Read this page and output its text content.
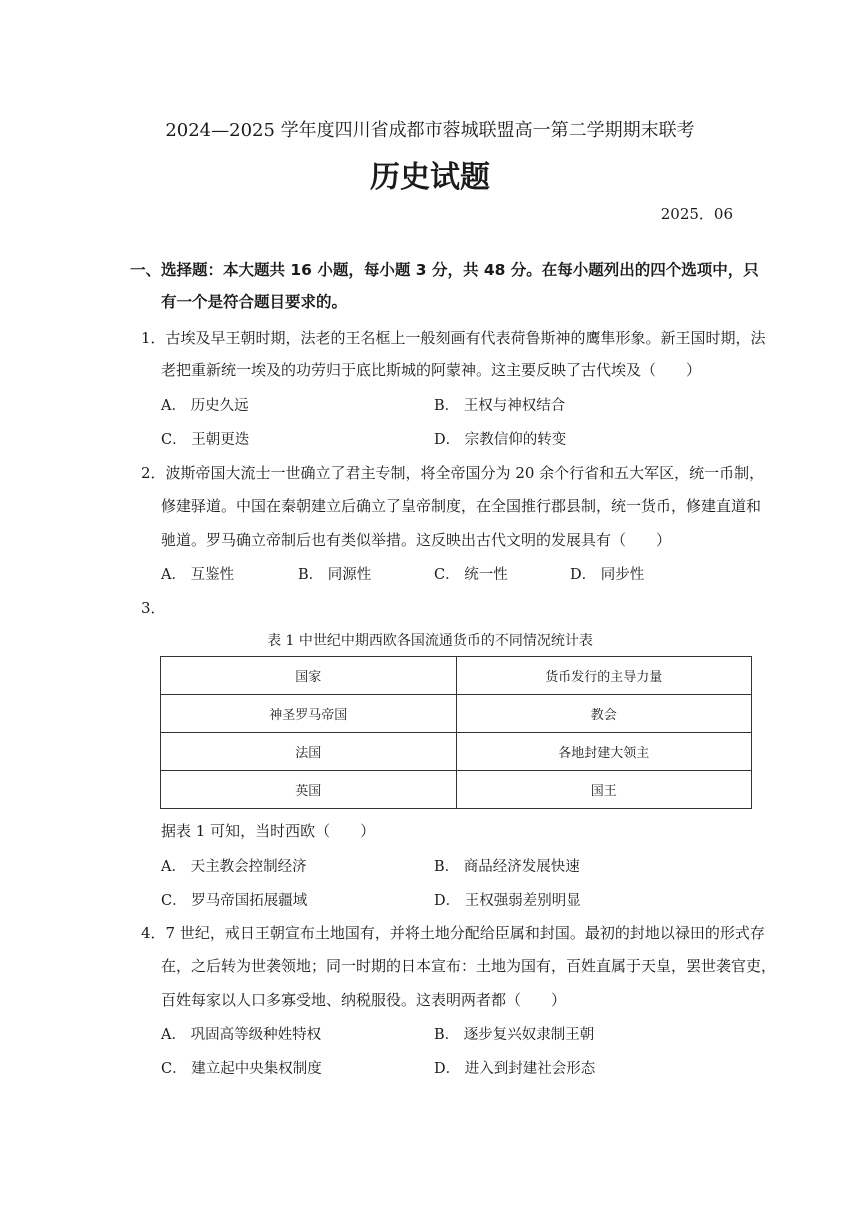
2024—2025 学年度四川省成都市蓉城联盟高一第二学期期末联考
历史试题
2025．06
一、选择题：本大题共 16 小题，每小题 3 分，共 48 分。在每小题列出的四个选项中，只
有一个是符合题目要求的。
1．古埃及早王朝时期，法老的王名框上一般刻画有代表荷鲁斯神的鹰隼形象。新王国时期，法
老把重新统一埃及的功劳归于底比斯城的阿蒙神。这主要反映了古代埃及（　　）
A． 历史久远	B． 王权与神权结合
C． 王朝更迭	D． 宗教信仰的转变
2．波斯帝国大流士一世确立了君主专制，将全帝国分为 20 余个行省和五大军区，统一币制，
修建驿道。中国在秦朝建立后确立了皇帝制度，在全国推行郡县制，统一货币，修建直道和
驰道。罗马确立帝制后也有类似举措。这反映出古代文明的发展具有（　　）
A． 互鉴性	B． 同源性	C． 统一性	D． 同步性
3．
表 1 中世纪中期西欧各国流通货币的不同情况统计表
国家	货币发行的主导力量
神圣罗马帝国	教会
法国	各地封建大领主
英国	国王
据表 1 可知，当时西欧（　　）
A． 天主教会控制经济	B． 商品经济发展快速
C． 罗马帝国拓展疆域	D． 王权强弱差别明显
4．7 世纪，戒日王朝宣布土地国有，并将土地分配给臣属和封国。最初的封地以禄田的形式存
在，之后转为世袭领地；同一时期的日本宣布：土地为国有，百姓直属于天皇，罢世袭官吏，
百姓每家以人口多寡受地、纳税服役。这表明两者都（　　）
A． 巩固高等级种姓特权	B． 逐步复兴奴隶制王朝
C． 建立起中央集权制度	D． 进入到封建社会形态
